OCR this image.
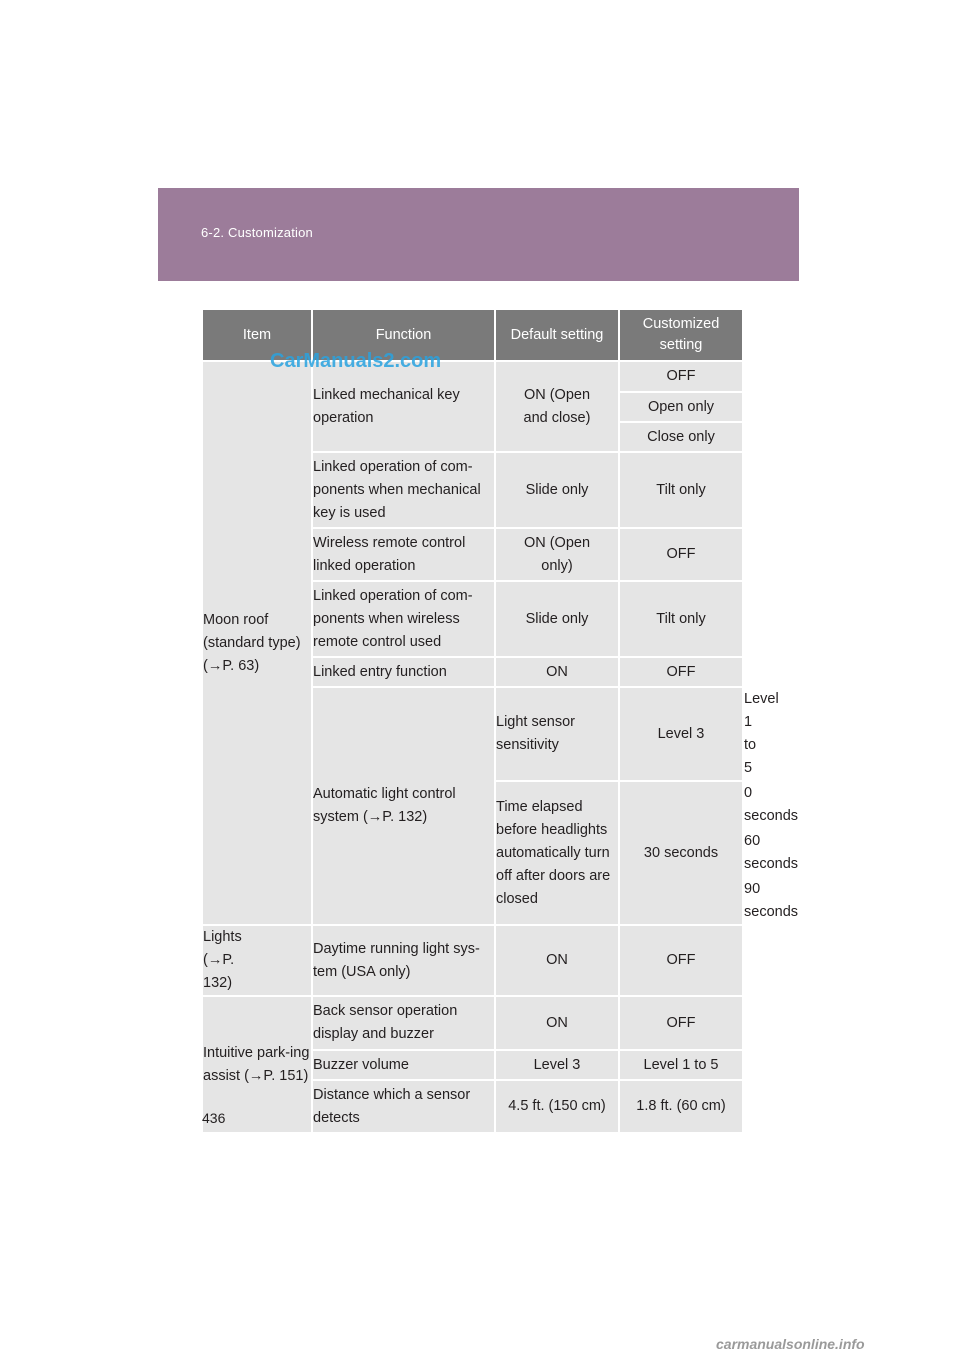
6-2. Customization
Item	Function	Default setting	Customized setting	
Moon roof (standard type) (→P. 63)	Linked mechanical key operation	ON (Open and close)	OFF	
			Open only	
			Close only	
	Linked operation of com-ponents when mechanical key is used	Slide only	Tilt only	
	Wireless remote control linked operation	ON (Open only)	OFF	
	Linked operation of com-ponents when wireless remote control used	Slide only	Tilt only	
	Linked entry function	ON	OFF	
	Automatic light control system (→P. 132)	Light sensor sensitivity	Level 3	Level 1 to 5
		Time elapsed before headlights automatically turn off after doors are closed	30 seconds	0 seconds
				60 seconds
				90 seconds
Lights (→P. 132)	Daytime running light sys-tem (USA only)	ON	OFF	
Intuitive park-ing assist (→P. 151)	Back sensor operation display and buzzer	ON	OFF	
	Buzzer volume	Level 3	Level 1 to 5	
	Distance which a sensor detects	4.5 ft. (150 cm)	1.8 ft. (60 cm)	
CarManuals2.com
436
carmanualsonline.info
